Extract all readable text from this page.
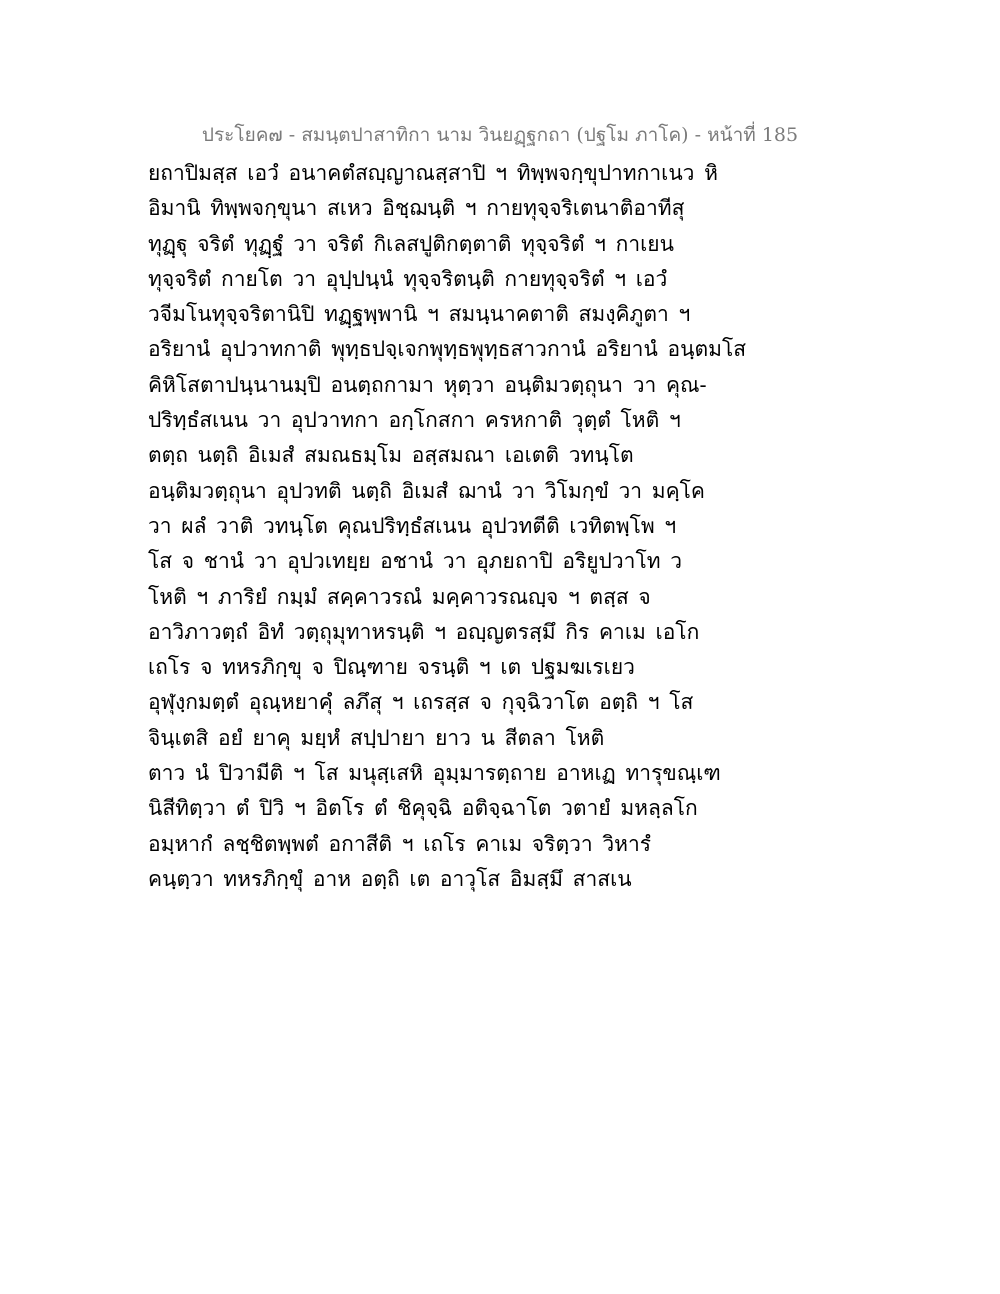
ประโยค๗ - สมนฺตปาสาทิกา นาม วินยฏฺฐกถา (ปฐโม ภาโค) - หน้าที่ 185
ยถาปิมสฺส เอวํ อนาคตํสญฺญาณสฺสาปิ ฯ ทิพฺพจกฺขุปาทกาเนว หิ
อิมานิ ทิพฺพจกฺขุนา สเหว อิชฺฌนฺติ ฯ กายทุจฺจริเตนาติอาทีสุ
ทุฏฺฐุ จริตํ ทุฏฺฐํ วา จริตํ กิเลสปูติกตฺตาติ ทุจฺจริตํ ฯ กาเยน
ทุจฺจริตํ กายโต วา อุปฺปนฺนํ ทุจฺจริตนฺติ กายทุจฺจริตํ ฯ เอวํ
วจีมโนทุจฺจริตานิปิ ทฏฺฐพฺพานิ ฯ สมนฺนาคตาติ สมงฺคิภูตา ฯ
อริยานํ อุปวาทกาติ พุทฺธปจฺเจกพุทฺธพุทฺธสาวกานํ อริยานํ อนฺตมโส
คิหิโสตาปนฺนานมฺปิ อนตฺถกามา หุตฺวา อนฺติมวตฺถุนา วา คุณ-
ปริทฺธํสเนน วา อุปวาทกา อกฺโกสกา ครหกาติ วุตฺตํ โหติ ฯ
ตตฺถ นตฺถิ อิเมสํ สมณธมฺโม อสฺสมณา เอเตติ วทนฺโต
อนฺติมวตฺถุนา อุปวทติ นตฺถิ อิเมสํ ฌานํ วา วิโมกฺขํ วา มคฺโค
วา ผลํ วาติ วทนฺโต คุณปริทฺธํสเนน อุปวทตีติ เวทิตพฺโพ ฯ
โส จ ชานํ วา อุปวเทยฺย อชานํ วา อุภยถาปิ อริยูปวาโท ว
โหติ ฯ ภาริยํ กมฺมํ สคฺคาวรณํ มคฺคาวรณญฺจ ฯ ตสฺส จ
อาวิภาวตฺถํ อิทํ วตฺถุมุทาหรนฺติ ฯ อญฺญตรสฺมึ กิร คาเม เอโก
เถโร จ ทหรภิกฺขุ จ ปิณฺฑาย จรนฺติ ฯ เต ปฐมฆเรเยว
อุฬุงฺกมตฺตํ อุณฺหยาคุํ ลภึสุ ฯ เถรสฺส จ กุจฺฉิวาโต อตฺถิ ฯ โส
จินฺเตสิ อยํ ยาคุ มยฺหํ สปฺปายา ยาว น สีตลา โหติ
ตาว นํ ปิวามีติ ฯ โส มนุสฺเสหิ อุมฺมารตฺถาย อาหเฏ ทารุขณฺเฑ
นิสีทิตฺวา ตํ ปิวิ ฯ อิตโร ตํ ชิคุจฺฉิ อติจฺฉาโต วตายํ มหลฺลโก
อมฺหากํ ลชฺชิตพฺพตํ อกาสีติ ฯ เถโร คาเม จริตฺวา วิหารํ
คนฺตฺวา ทหรภิกฺขุํ อาห อตฺถิ เต อาวุโส อิมสฺมึ สาสเน
